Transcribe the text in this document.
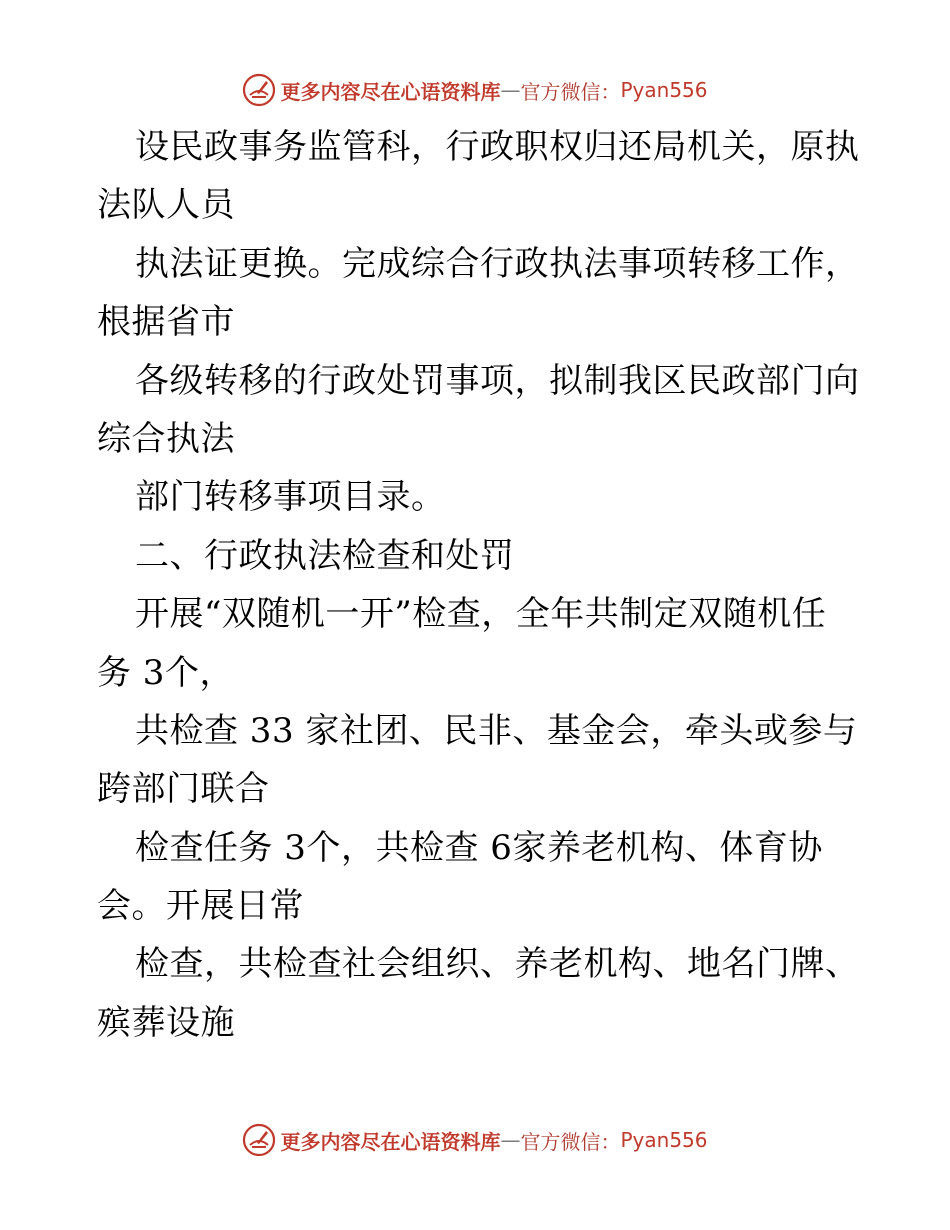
更多内容尽在心语资料库 — 官方微信： Pyan556
设民政事务监管科，行政职权归还局机关，原执
法队人员
执法证更换。完成综合行政执法事项转移工作，
根据省市
各级转移的行政处罚事项，拟制我区民政部门向
综合执法
部门转移事项目录。
二、行政执法检查和处罚
开展“双随机一开”检查，全年共制定双随机任
务 3个，
共检查 33 家社团、民非、基金会，牵头或参与
跨部门联合
检查任务 3个，共检查 6家养老机构、体育协
会。开展日常
检查，共检查社会组织、养老机构、地名门牌、
殡葬设施
更多内容尽在心语资料库 — 官方微信： Pyan556
